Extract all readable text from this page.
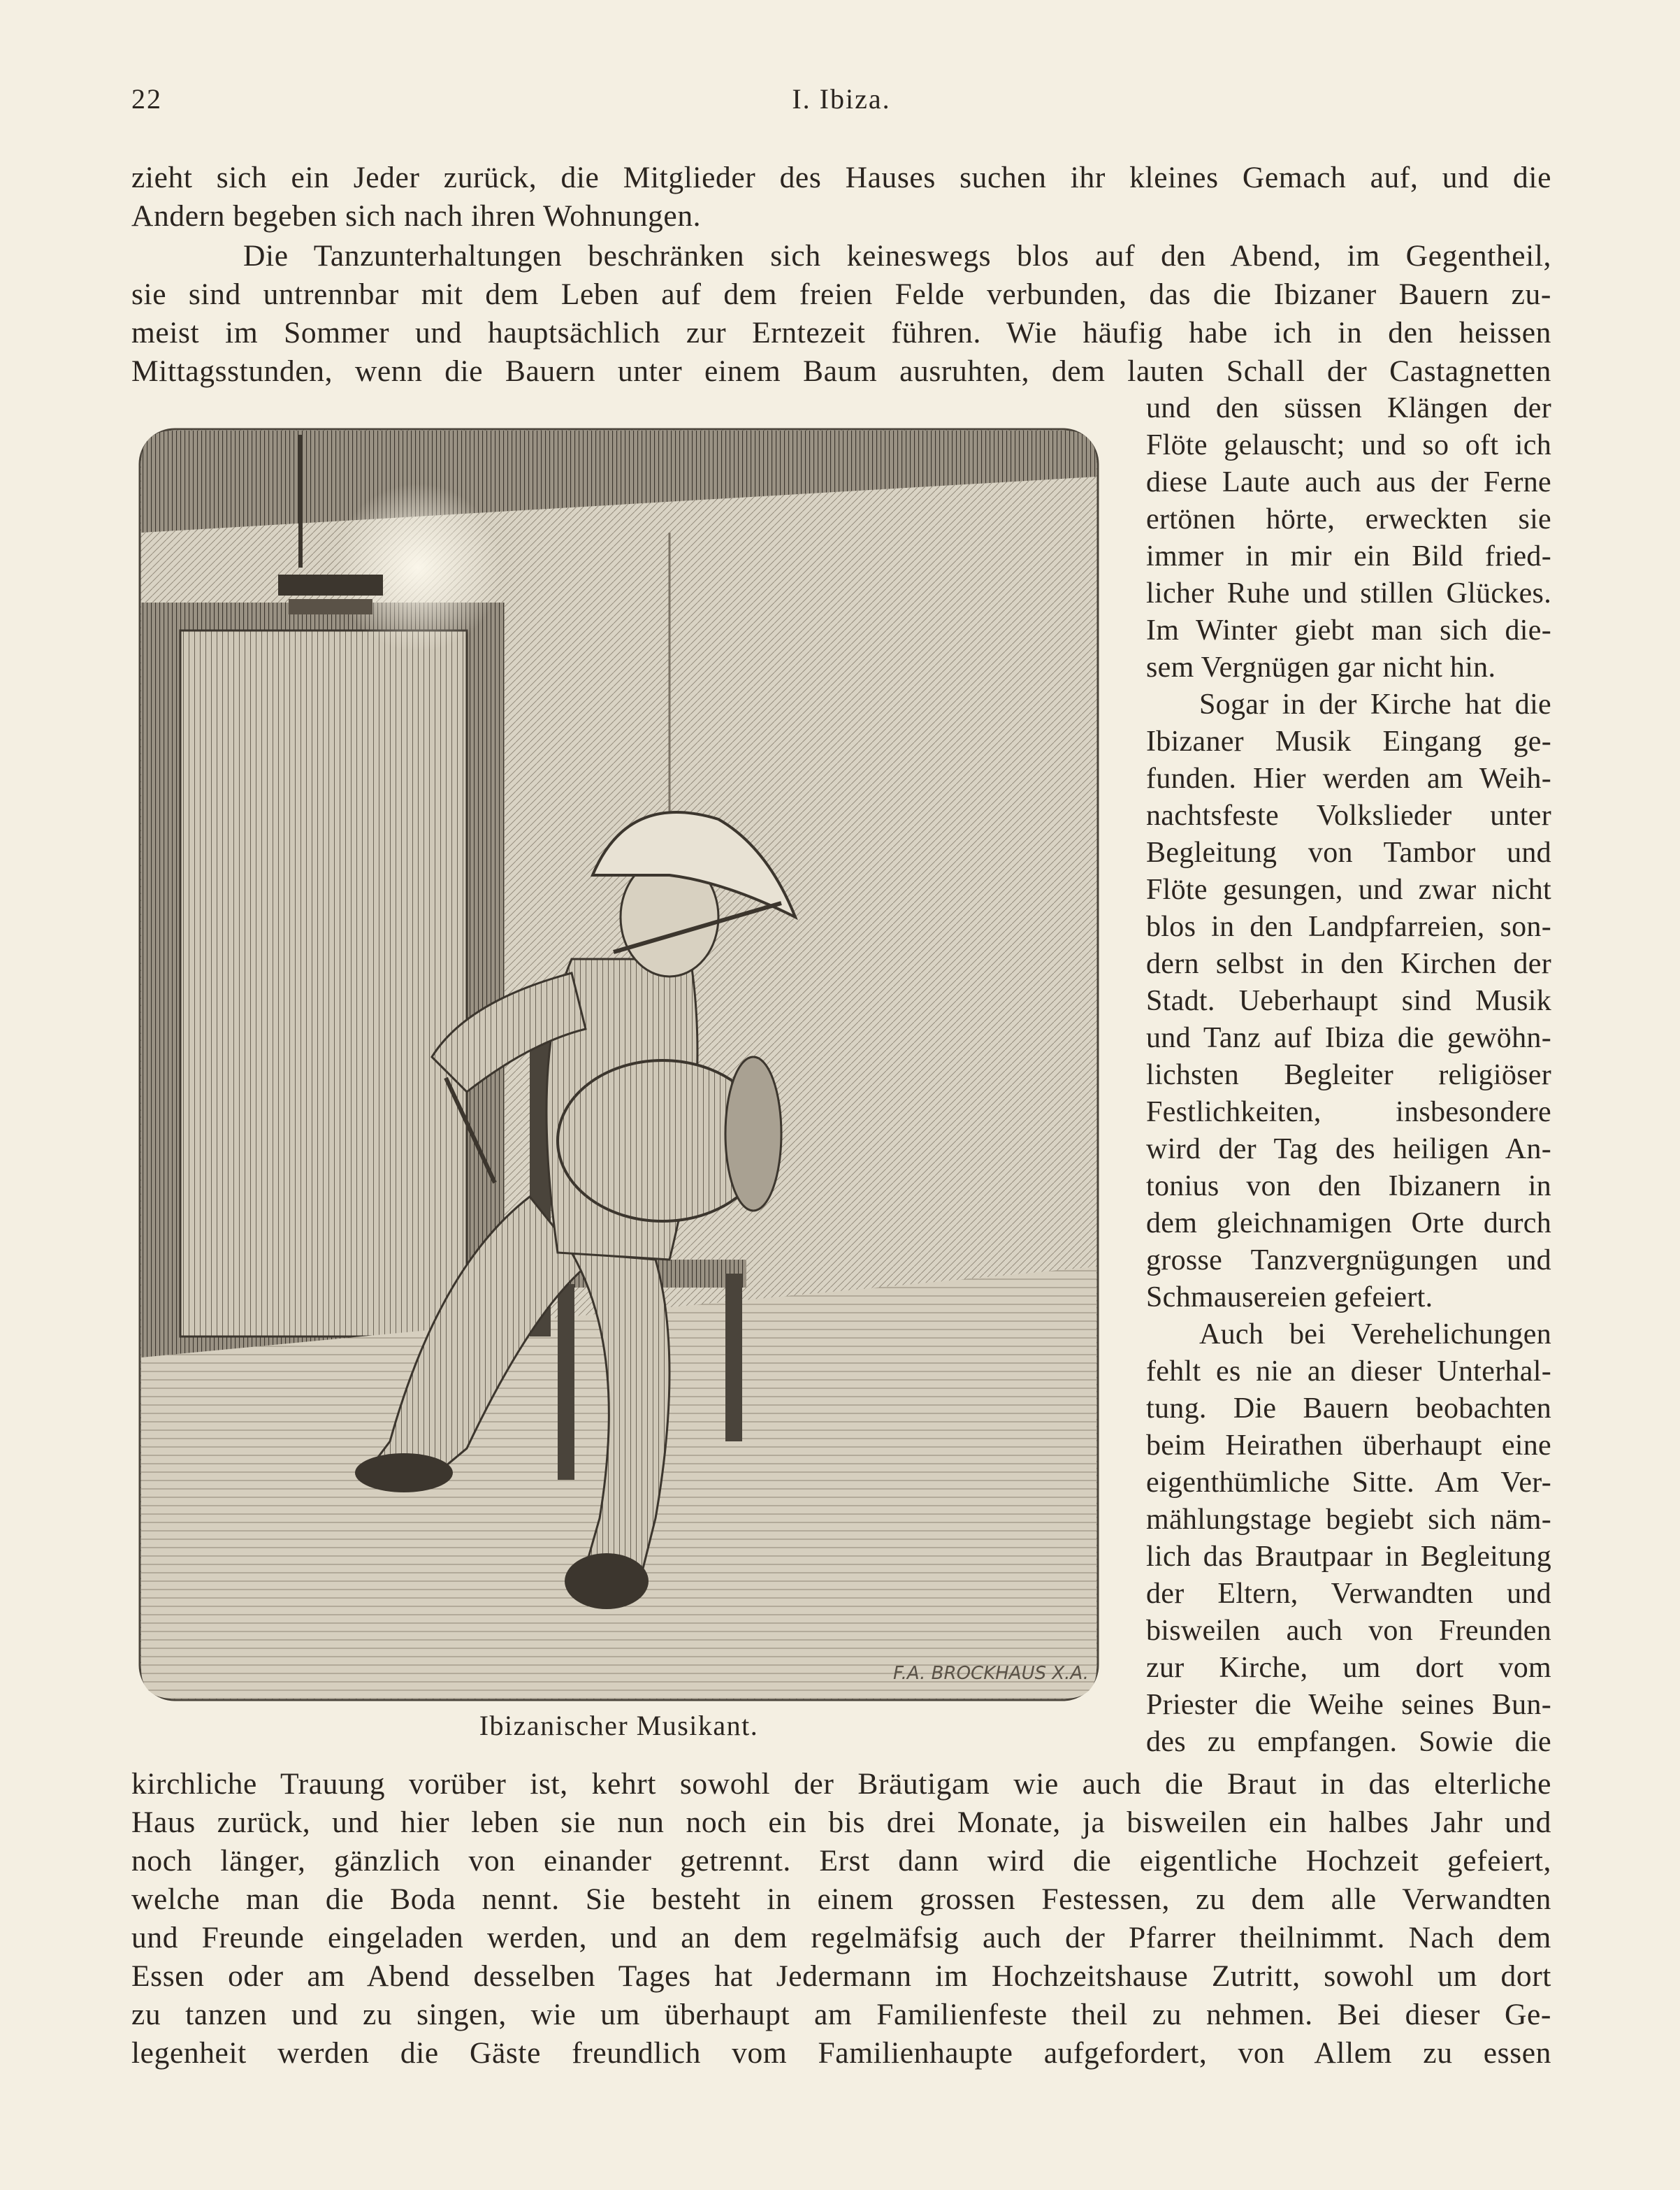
22	I. Ibiza.
zieht sich ein Jeder zurück, die Mitglieder des Hauses suchen ihr kleines Gemach auf, und die
Andern begeben sich nach ihren Wohnungen.
Die Tanzunterhaltungen beschränken sich keineswegs blos auf den Abend, im Gegentheil,
sie sind untrennbar mit dem Leben auf dem freien Felde verbunden, das die Ibizaner Bauern zu-
meist im Sommer und hauptsächlich zur Erntezeit führen. Wie häufig habe ich in den heissen
Mittagsstunden, wenn die Bauern unter einem Baum ausruhten, dem lauten Schall der Castagnetten
F.A. BROCKHAUS X.A.
Ibizanischer Musikant.
und den süssen Klängen der
Flöte gelauscht; und so oft ich
diese Laute auch aus der Ferne
ertönen hörte, erweckten sie
immer in mir ein Bild fried-
licher Ruhe und stillen Glückes.
Im Winter giebt man sich die-
sem Vergnügen gar nicht hin.
Sogar in der Kirche hat die
Ibizaner Musik Eingang ge-
funden. Hier werden am Weih-
nachtsfeste Volkslieder unter
Begleitung von Tambor und
Flöte gesungen, und zwar nicht
blos in den Landpfarreien, son-
dern selbst in den Kirchen der
Stadt. Ueberhaupt sind Musik
und Tanz auf Ibiza die gewöhn-
lichsten Begleiter religiöser
Festlichkeiten, insbesondere
wird der Tag des heiligen An-
tonius von den Ibizanern in
dem gleichnamigen Orte durch
grosse Tanzvergnügungen und
Schmausereien gefeiert.
Auch bei Verehelichungen
fehlt es nie an dieser Unterhal-
tung. Die Bauern beobachten
beim Heirathen überhaupt eine
eigenthümliche Sitte. Am Ver-
mählungstage begiebt sich näm-
lich das Brautpaar in Begleitung
der Eltern, Verwandten und
bisweilen auch von Freunden
zur Kirche, um dort vom
Priester die Weihe seines Bun-
des zu empfangen. Sowie die
kirchliche Trauung vorüber ist, kehrt sowohl der Bräutigam wie auch die Braut in das elterliche
Haus zurück, und hier leben sie nun noch ein bis drei Monate, ja bisweilen ein halbes Jahr und
noch länger, gänzlich von einander getrennt. Erst dann wird die eigentliche Hochzeit gefeiert,
welche man die Boda nennt. Sie besteht in einem grossen Festessen, zu dem alle Verwandten
und Freunde eingeladen werden, und an dem regelmäfsig auch der Pfarrer theilnimmt. Nach dem
Essen oder am Abend desselben Tages hat Jedermann im Hochzeitshause Zutritt, sowohl um dort
zu tanzen und zu singen, wie um überhaupt am Familienfeste theil zu nehmen. Bei dieser Ge-
legenheit werden die Gäste freundlich vom Familienhaupte aufgefordert, von Allem zu essen
